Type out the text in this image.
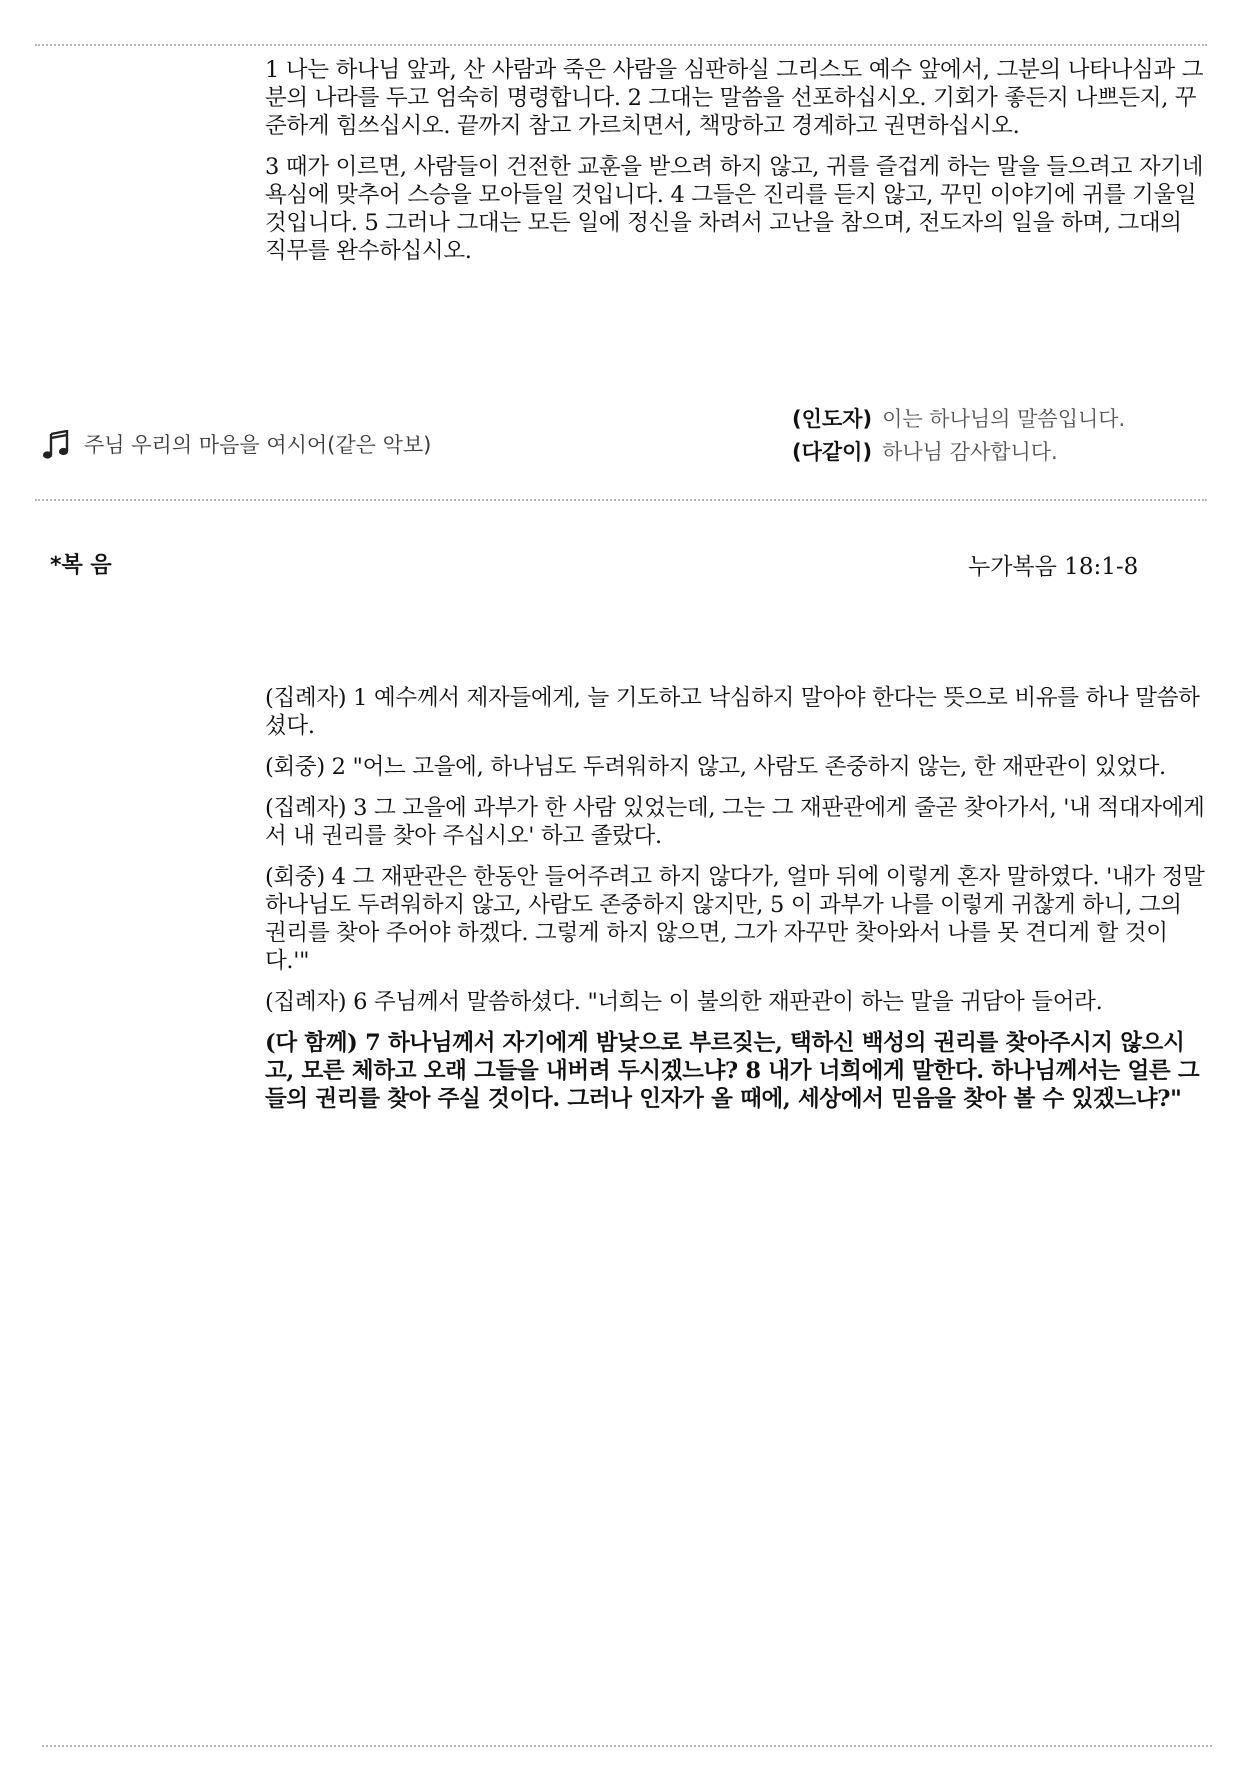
1 나는 하나님 앞과, 산 사람과 죽은 사람을 심판하실 그리스도 예수 앞에서, 그분의 나타나심과 그분의 나라를 두고 엄숙히 명령합니다. 2 그대는 말씀을 선포하십시오. 기회가 좋든지 나쁘든지, 꾸준하게 힘쓰십시오. 끝까지 참고 가르치면서, 책망하고 경계하고 권면하십시오.

3 때가 이르면, 사람들이 건전한 교훈을 받으려 하지 않고, 귀를 즐겁게 하는 말을 들으려고 자기네 욕심에 맞추어 스승을 모아들일 것입니다. 4 그들은 진리를 듣지 않고, 꾸민 이야기에 귀를 기울일 것입니다. 5 그러나 그대는 모든 일에 정신을 차려서 고난을 참으며, 전도자의 일을 하며, 그대의 직무를 완수하십시오.

주님 우리의 마음을 여시어(같은 악보)
(인도자) 이는 하나님의 말씀입니다.
(다같이) 하나님 감사합니다.
*복 음	누가복음 18:1-8

(집례자) 1 예수께서 제자들에게, 늘 기도하고 낙심하지 말아야 한다는 뜻으로 비유를 하나 말씀하셨다.

(회중) 2 "어느 고을에, 하나님도 두려워하지 않고, 사람도 존중하지 않는, 한 재판관이 있었다.

(집례자) 3 그 고을에 과부가 한 사람 있었는데, 그는 그 재판관에게 줄곧 찾아가서, '내 적대자에게서 내 권리를 찾아 주십시오' 하고 졸랐다.

(회중) 4 그 재판관은 한동안 들어주려고 하지 않다가, 얼마 뒤에 이렇게 혼자 말하였다. '내가 정말 하나님도 두려워하지 않고, 사람도 존중하지 않지만, 5 이 과부가 나를 이렇게 귀찮게 하니, 그의 권리를 찾아 주어야 하겠다. 그렇게 하지 않으면, 그가 자꾸만 찾아와서 나를 못 견디게 할 것이다.'"

(집례자) 6 주님께서 말씀하셨다. "너희는 이 불의한 재판관이 하는 말을 귀담아 들어라.

(다 함께) 7 하나님께서 자기에게 밤낮으로 부르짖는, 택하신 백성의 권리를 찾아주시지 않으시고, 모른 체하고 오래 그들을 내버려 두시겠느냐? 8 내가 너희에게 말한다. 하나님께서는 얼른 그들의 권리를 찾아 주실 것이다. 그러나 인자가 올 때에, 세상에서 믿음을 찾아 볼 수 있겠느냐?"
